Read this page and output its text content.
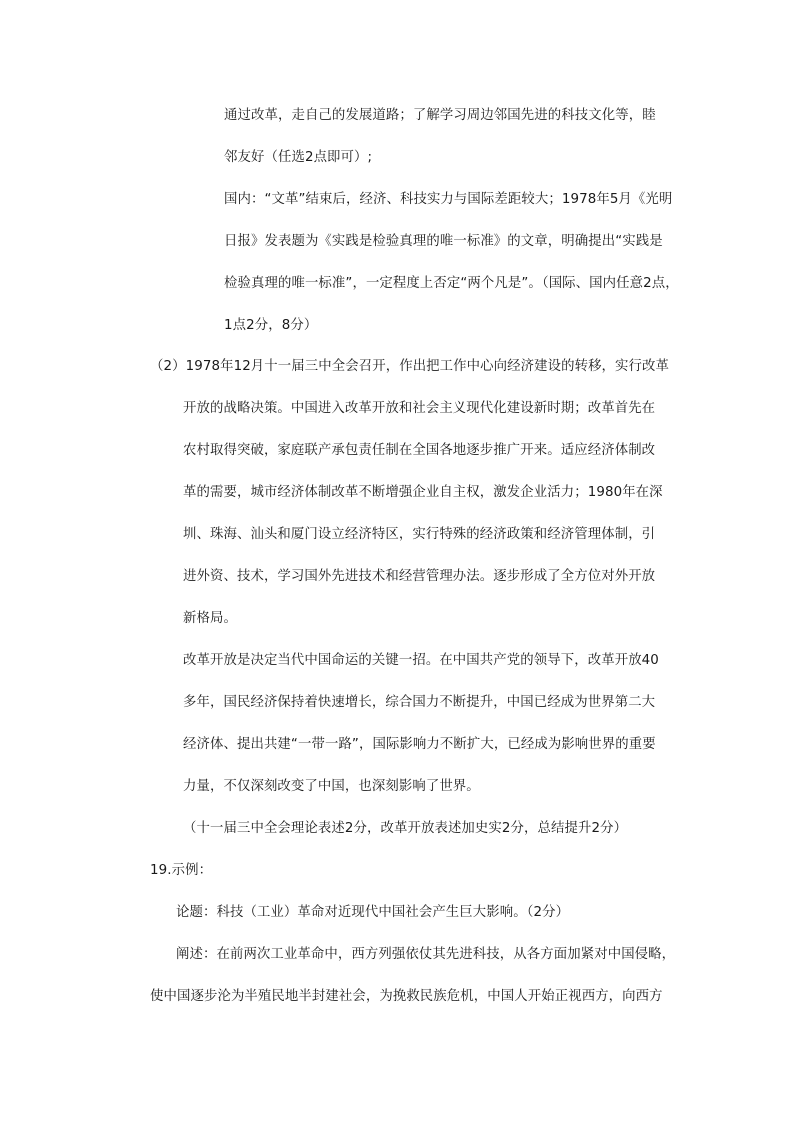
通过改革，走自己的发展道路；了解学习周边邻国先进的科技文化等，睦
邻友好（任选2点即可）;
国内：“文革”结束后，经济、科技实力与国际差距较大；1978年5月《光明
日报》发表题为《实践是检验真理的唯一标准》的文章，明确提出“实践是
检验真理的唯一标准”，一定程度上否定“两个凡是”。（国际、国内任意2点，
1点2分，8分）
（2）1978年12月十一届三中全会召开，作出把工作中心向经济建设的转移，实行改革
开放的战略决策。中国进入改革开放和社会主义现代化建设新时期；改革首先在
农村取得突破，家庭联产承包责任制在全国各地逐步推广开来。适应经济体制改
革的需要，城市经济体制改革不断增强企业自主权，激发企业活力；1980年在深
圳、珠海、汕头和厦门设立经济特区，实行特殊的经济政策和经济管理体制，引
进外资、技术，学习国外先进技术和经营管理办法。逐步形成了全方位对外开放
新格局。
改革开放是决定当代中国命运的关键一招。在中国共产党的领导下，改革开放40
多年，国民经济保持着快速增长，综合国力不断提升，中国已经成为世界第二大
经济体、提出共建“一带一路”，国际影响力不断扩大，已经成为影响世界的重要
力量，不仅深刻改变了中国，也深刻影响了世界。
（十一届三中全会理论表述2分，改革开放表述加史实2分，总结提升2分）
19.示例：
论题：科技（工业）革命对近现代中国社会产生巨大影响。（2分）
阐述：在前两次工业革命中，西方列强依仗其先进科技，从各方面加紧对中国侵略，
使中国逐步沦为半殖民地半封建社会，为挽救民族危机，中国人开始正视西方，向西方
